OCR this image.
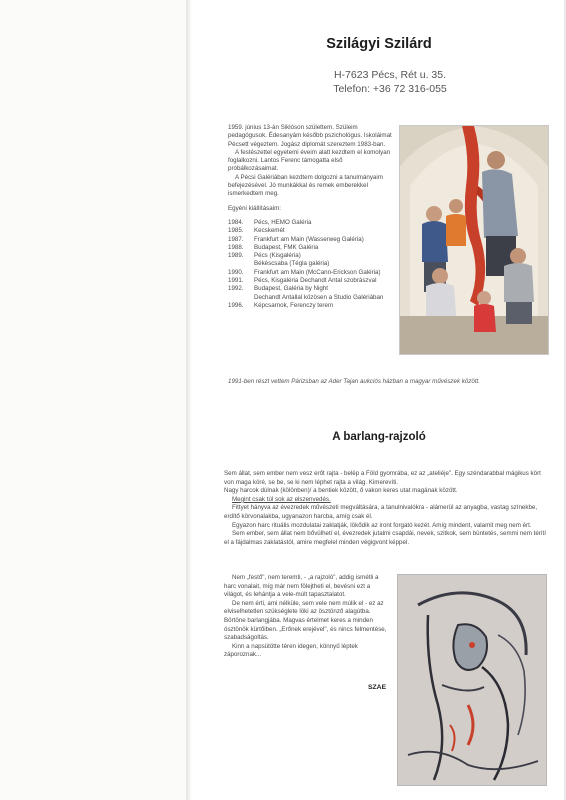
Szilágyi Szilárd
H-7623 Pécs, Rét u. 35.
Telefon: +36 72 316-055

1959. június 13-án Siklóson születtem. Szüleim pedagógusok. Édesanyám később pszichológus. Iskoláimat Pécsett végeztem. Jogász diplomát szereztem 1983-ban.

A festészettel egyetemi éveim alatt kezdtem el komolyan foglalkozni. Lantos Ferenc támogatta első próbálkozásaimat.

A Pécsi Galériában kezdtem dolgozni a tanulmányaim befejezésével. Jó munkákkal és remek emberekkel ismerkedtem meg.

Egyéni kiállításaim:

1984.	Pécs, HEMO Galéria
1985.	Kecskemét
1987.	Frankfurt am Main (Wasserweg Galéria)
1988.	Budapest, FMK Galéria
1989.	Pécs (Kisgaléria)
Békéscsaba (Tégla galéria)
1990.	Frankfurt am Main (McCann-Erickson Galéria)
1991.	Pécs, Kisgaléria Dechandt Antal szobrászval
1992.	Budapest, Galéria by Night
Dechandt Antallal közösen a Studio Galériában
1996.	Képcsarnok, Ferenczy terem
1991-ben részt vettem Párizsban az Ader Tajan aukciós házban a magyar művészek között.
A barlang-rajzoló

Sem állat, sem ember nem vesz erőt rajta - belép a Föld gyomrába, ez az „ateliéje". Egy széndarabbal mágikus kört von maga köré, se be, se ki nem léphet rajta a világ. Kimerevíti.

Nagy harcok dúlnak (kölönben)/ a bentiek között, ő vakon keres utat magának között.

Megint csak túl sok az elszenvedés.

Fittyet hányva az évezredek művészeti megváltására, a tanulnivalókra - alámerül az anyagba, vastag színekbe, erdítő körvonalakba, ugyanazon harcba, amíg csak él.

Egyazon harc rituális mozdulatai zaklatják, lökődik az iront forgató kezét. Amíg mindent, valamit meg nem ért.

Sem ember, sem állat nem bővülhetí el, évezredek jutalmi csapdái, nevek, szitkok, sem büntetés, semmi nem térítí el a fájdalmas zaklatástól, amire megfelel minden végigvont képpel.

Nem „festő", nem teremti, - „a rajzoló", addig ismétli a harc vonalait, míg már nem fölejtheti el, bevésni ezt a világot, és lehántja a vele-múlt tapasztalatot.

De nem érti, ami nélküle, sem vele nem múlik el - ez az elviselhetetlen szükséglete löki az ösztönző alagútba. Börtöne barlangjába. Magvas értelmet keres a minden ösztönök kürtőiben. „Erőnek erejével", és nincs felmentése, szabadságoltás.

Kinn a napsütötte téren idegen, könnyű léptek záporoznak...

SZAE
